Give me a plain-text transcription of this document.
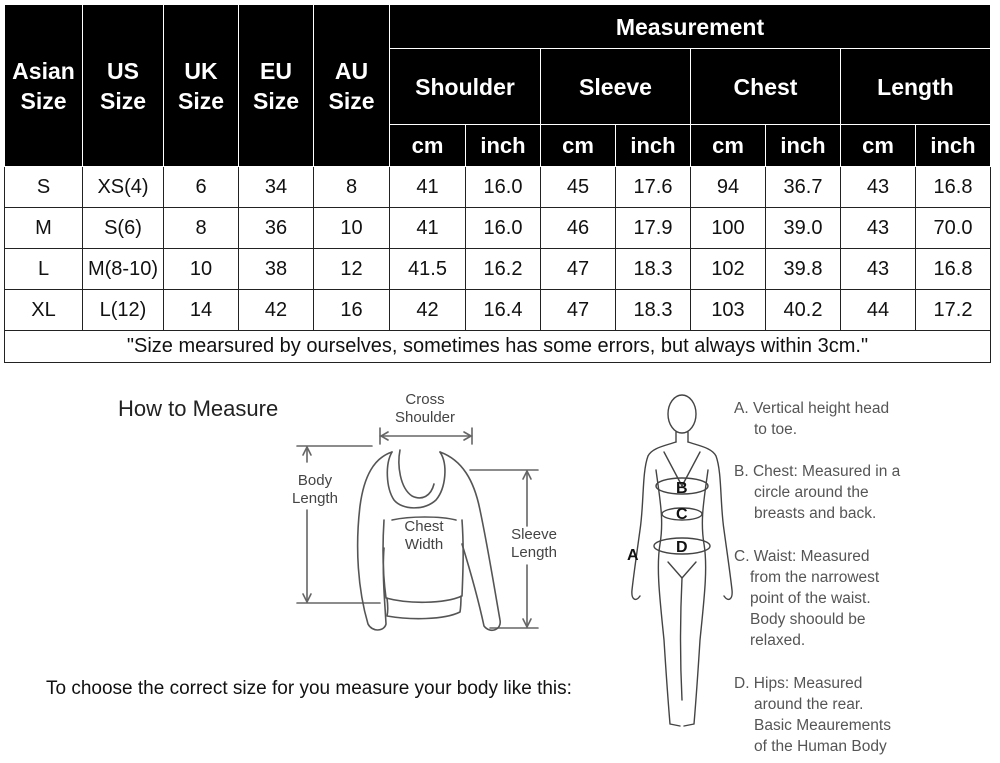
Asian Size	US Size	UK Size	EU Size	AU Size	Measurement							
					Shoulder		Sleeve		Chest		Length	
					cm	inch	cm	inch	cm	inch	cm	inch
S	XS(4)	6	34	8	41	16.0	45	17.6	94	36.7	43	16.8
M	S(6)	8	36	10	41	16.0	46	17.9	100	39.0	43	70.0
L	M(8-10)	10	38	12	41.5	16.2	47	18.3	102	39.8	43	16.8
XL	L(12)	14	42	16	42	16.4	47	18.3	103	40.2	44	17.2
"Size mearsured by ourselves, sometimes has some errors, but always within 3cm."												
How to Measure	Cross
Shoulder
Body
Length
Chest
Width
Sleeve
Length	A
B
C
D
A. Vertical height head
to toe.
B. Chest: Measured in a
circle around the
breasts and back.
C. Waist: Measured
from the narrowest
point of the waist.
Body shoould be
relaxed.
D. Hips: Measured
around the rear.
Basic Meaurements
of the Human Body
To choose the correct size for you measure your body like this:
